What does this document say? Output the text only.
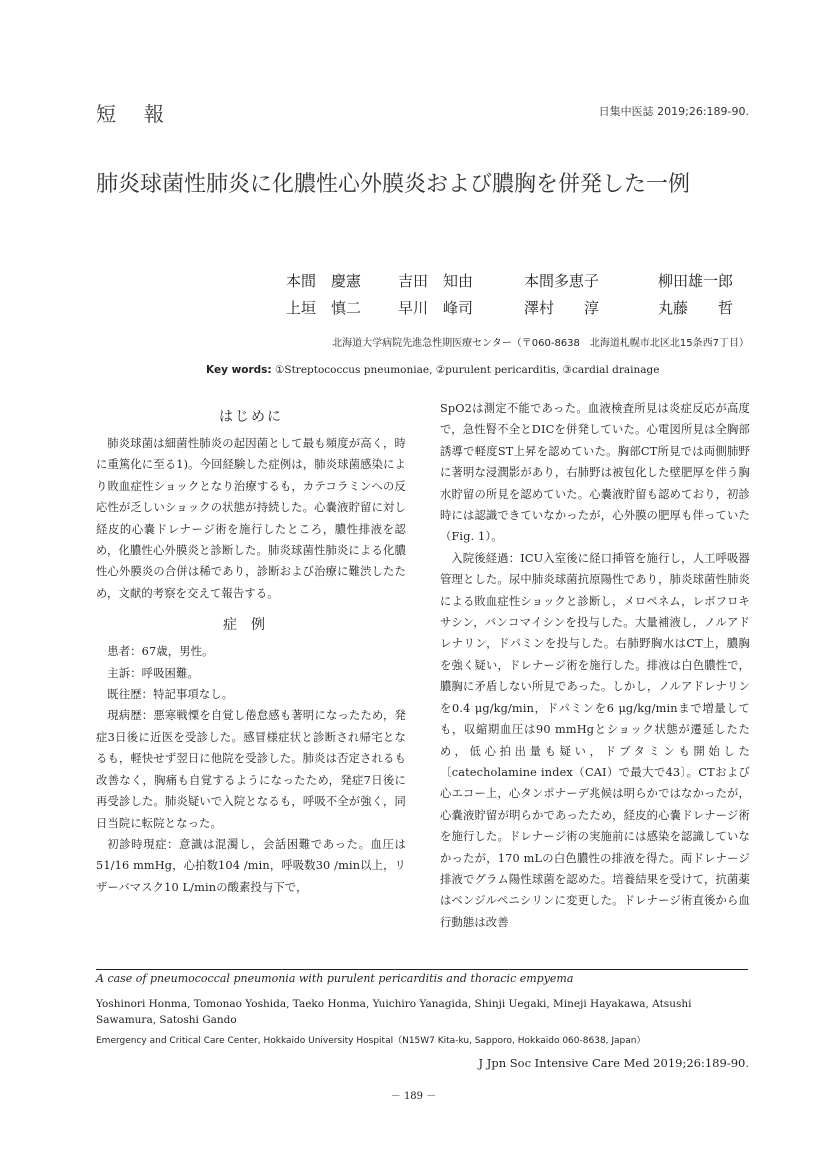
短報	日集中医誌 2019;26:189-90.
肺炎球菌性肺炎に化膿性心外膜炎および膿胸を併発した一例
本間　慶憲 吉田　知由	本間多恵子	柳田雄一郎
上垣　慎二 早川　峰司	澤村　　淳	丸藤　　哲
北海道大学病院先進急性期医療センター（〒060-8638　北海道札幌市北区北15条西7丁目）
Key words: ①Streptococcus pneumoniae, ②purulent pericarditis, ③cardial drainage
はじめに

肺炎球菌は細菌性肺炎の起因菌として最も頻度が高く，時に重篤化に至る1)。今回経験した症例は，肺炎球菌感染により敗血症性ショックとなり治療するも，カテコラミンへの反応性が乏しいショックの状態が持続した。心嚢液貯留に対し経皮的心嚢ドレナージ術を施行したところ，膿性排液を認め，化膿性心外膜炎と診断した。肺炎球菌性肺炎による化膿性心外膜炎の合併は稀であり，診断および治療に難渋したため，文献的考察を交えて報告する。

症例

患者：67歳，男性。

主訴：呼吸困難。

既往歴：特記事項なし。

現病歴：悪寒戦慄を自覚し倦怠感も著明になったため，発症3日後に近医を受診した。感冒様症状と診断され帰宅となるも，軽快せず翌日に他院を受診した。肺炎は否定されるも改善なく，胸痛も自覚するようになったため，発症7日後に再受診した。肺炎疑いで入院となるも，呼吸不全が強く，同日当院に転院となった。

初診時現症：意識は混濁し，会話困難であった。血圧は51/16 mmHg，心拍数104 /min，呼吸数30 /min以上，リザーバマスク10 L/minの酸素投与下で，

SpO2は測定不能であった。血液検査所見は炎症反応が高度で，急性腎不全とDICを併発していた。心電図所見は全胸部誘導で軽度ST上昇を認めていた。胸部CT所見では両側肺野に著明な浸潤影があり，右肺野は被包化した壁肥厚を伴う胸水貯留の所見を認めていた。心嚢液貯留も認めており，初診時には認識できていなかったが，心外膜の肥厚も伴っていた（Fig. 1）。

入院後経過：ICU入室後に経口挿管を施行し，人工呼吸器管理とした。尿中肺炎球菌抗原陽性であり，肺炎球菌性肺炎による敗血症性ショックと診断し，メロペネム，レボフロキサシン，バンコマイシンを投与した。大量補液し，ノルアドレナリン，ドパミンを投与した。右肺野胸水はCT上，膿胸を強く疑い，ドレナージ術を施行した。排液は白色膿性で，膿胸に矛盾しない所見であった。しかし，ノルアドレナリンを0.4 μg/kg/min，ドパミンを6 μg/kg/minまで増量しても，収縮期血圧は90 mmHgとショック状態が遷延したため，低心拍出量も疑い，ドブタミンも開始した〔catecholamine index（CAI）で最大で43〕。CTおよび心エコー上，心タンポナーデ兆候は明らかではなかったが，心嚢液貯留が明らかであったため，経皮的心嚢ドレナージ術を施行した。ドレナージ術の実施前には感染を認識していなかったが，170 mLの白色膿性の排液を得た。両ドレナージ排液でグラム陽性球菌を認めた。培養結果を受けて，抗菌薬はベンジルペニシリンに変更した。ドレナージ術直後から血行動態は改善

A case of pneumococcal pneumonia with purulent pericarditis and thoracic empyema
Yoshinori Honma, Tomonao Yoshida, Taeko Honma, Yuichiro Yanagida, Shinji Uegaki, Mineji Hayakawa, Atsushi Sawamura, Satoshi Gando
Emergency and Critical Care Center, Hokkaido University Hospital（N15W7 Kita-ku, Sapporo, Hokkaido 060-8638, Japan）
J Jpn Soc Intensive Care Med 2019;26:189-90.
－ 189 －
